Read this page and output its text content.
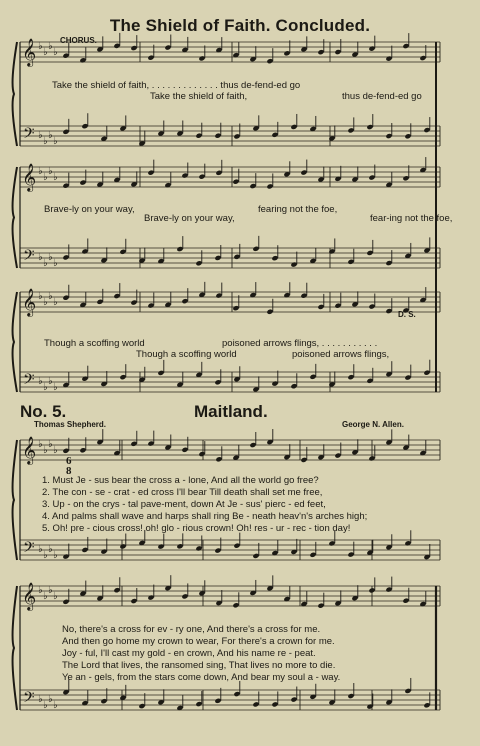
𝄞
𝄢
♭
♭
♭
♭
♭
♭
♭
♭
𝄞
𝄢
♭
♭
♭
♭
♭
♭
♭
♭
𝄞
𝄢
♭
♭
♭
♭
♭
♭
♭
♭
𝄞
𝄢
♭
♭
♭
♭
♭
♭
♭
♭
𝄞
𝄢
♭
♭
♭
♭
♭
♭
♭
♭
6
8
The Shield of Faith. Concluded.
CHORUS.
Take the shield of faith, . . . . . . . . . . . . . thus de-fend-ed go
Take the shield of faith,	thus de-fend-ed go
Brave-ly on your way,	fearing not the foe,
fear-ing not the foe,
Brave-ly on your way,
Though a scoffing world	poisoned arrows flings, . . . . . . . . . . .
Though a scoffing world	poisoned arrows flings,
D. S.
No. 5.	Maitland.
Thomas Shepherd.	George N. Allen.
1. Must Je - sus bear the cross a - lone, And all the world go free?
2. The con - se - crat - ed cross I'll bear Till death shall set me free,
3. Up - on the crys - tal pave-ment, down At Je - sus' pierc - ed feet,
4. And palms shall wave and harps shall ring Be - neath heav'n's arches high;
5. Oh! pre - cious cross! oh! glo - rious crown! Oh! res - ur - rec - tion day!
No, there's a cross for ev - ry one, And there's a cross for me.
And then go home my crown to wear, For there's a crown for me.
Joy - ful, I'll cast my gold - en crown, And his name re - peat.
The Lord that lives, the ransomed sing, That lives no more to die.
Ye an - gels, from the stars come down, And bear my soul a - way.
